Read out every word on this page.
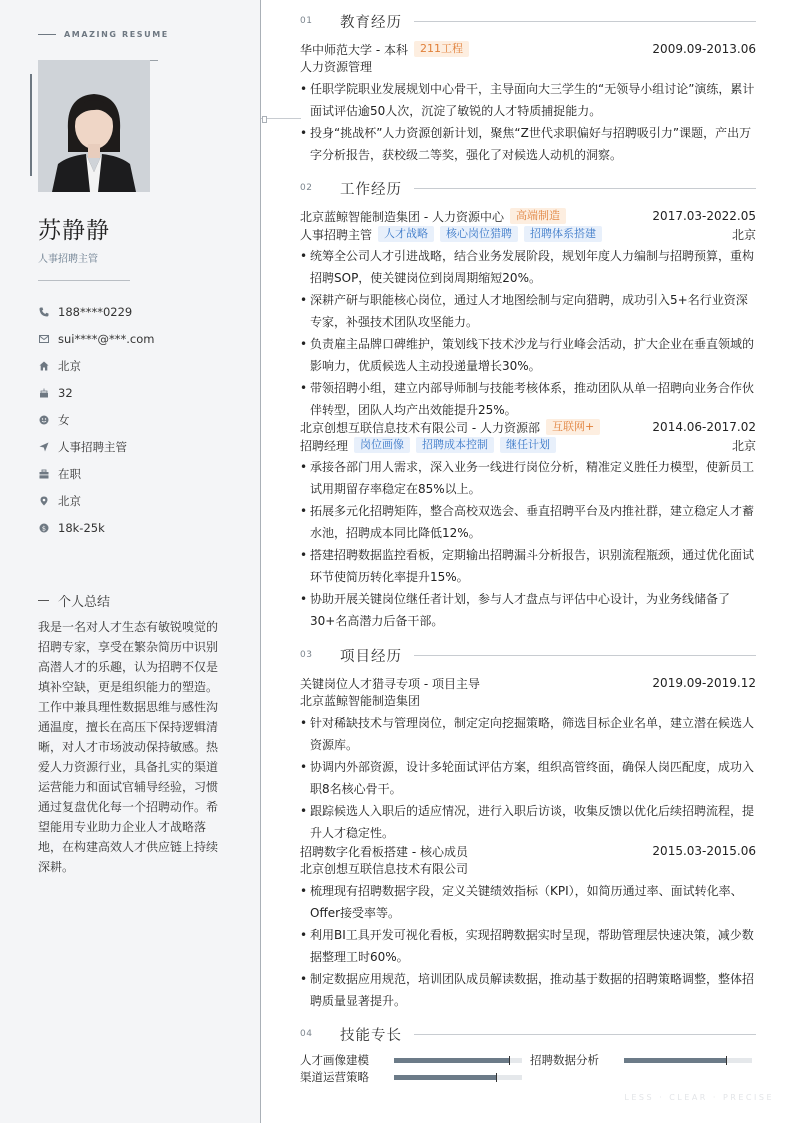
AMAZING RESUME
苏静静
人事招聘主管
188****0229
sui****@***.com
北京
32
女
人事招聘主管
在职
北京
$ 18k-25k
个人总结
我是一名对人才生态有敏锐嗅觉的招聘专家，享受在繁杂简历中识别高潜人才的乐趣，认为招聘不仅是填补空缺，更是组织能力的塑造。工作中兼具理性数据思维与感性沟通温度，擅长在高压下保持逻辑清晰，对人才市场波动保持敏感。热爱人力资源行业，具备扎实的渠道运营能力和面试官辅导经验，习惯通过复盘优化每一个招聘动作。希望能用专业助力企业人才战略落地，在构建高效人才供应链上持续深耕。
01	教育经历
华中师范大学 - 本科	211工程	2009.09-2013.06
人力资源管理
• 任职学院职业发展规划中心骨干，主导面向大三学生的“无领导小组讨论”演练，累计面试评估逾50人次，沉淀了敏锐的人才特质捕捉能力。
• 投身“挑战杯”人力资源创新计划，聚焦“Z世代求职偏好与招聘吸引力”课题，产出万字分析报告，获校级二等奖，强化了对候选人动机的洞察。
02	工作经历
北京蓝鲸智能制造集团 - 人力资源中心	高端制造	2017.03-2022.05
人事招聘主管	人才战略	核心岗位猎聘	招聘体系搭建	北京
• 统筹全公司人才引进战略，结合业务发展阶段，规划年度人力编制与招聘预算，重构招聘SOP，使关键岗位到岗周期缩短20%。
• 深耕产研与职能核心岗位，通过人才地图绘制与定向猎聘，成功引入5+名行业资深专家，补强技术团队攻坚能力。
• 负责雇主品牌口碑维护，策划线下技术沙龙与行业峰会活动，扩大企业在垂直领域的影响力，优质候选人主动投递量增长30%。
• 带领招聘小组，建立内部导师制与技能考核体系，推动团队从单一招聘向业务合作伙伴转型，团队人均产出效能提升25%。
北京创想互联信息技术有限公司 - 人力资源部	互联网+	2014.06-2017.02
招聘经理	岗位画像	招聘成本控制	继任计划	北京
• 承接各部门用人需求，深入业务一线进行岗位分析，精准定义胜任力模型，使新员工试用期留存率稳定在85%以上。
• 拓展多元化招聘矩阵，整合高校双选会、垂直招聘平台及内推社群，建立稳定人才蓄水池，招聘成本同比降低12%。
• 搭建招聘数据监控看板，定期输出招聘漏斗分析报告，识别流程瓶颈，通过优化面试环节使简历转化率提升15%。
• 协助开展关键岗位继任者计划，参与人才盘点与评估中心设计，为业务线储备了30+名高潜力后备干部。
03	项目经历
关键岗位人才猎寻专项 - 项目主导	2019.09-2019.12
北京蓝鲸智能制造集团
• 针对稀缺技术与管理岗位，制定定向挖掘策略，筛选目标企业名单，建立潜在候选人资源库。
• 协调内外部资源，设计多轮面试评估方案，组织高管终面，确保人岗匹配度，成功入职8名核心骨干。
• 跟踪候选人入职后的适应情况，进行入职后访谈，收集反馈以优化后续招聘流程，提升人才稳定性。
招聘数字化看板搭建 - 核心成员	2015.03-2015.06
北京创想互联信息技术有限公司
• 梳理现有招聘数据字段，定义关键绩效指标（KPI），如简历通过率、面试转化率、Offer接受率等。
• 利用BI工具开发可视化看板，实现招聘数据实时呈现，帮助管理层快速决策，减少数据整理工时60%。
• 制定数据应用规范，培训团队成员解读数据，推动基于数据的招聘策略调整，整体招聘质量显著提升。
04	技能专长
人才画像建模	招聘数据分析
渠道运营策略
LESS · CLEAR · PRECISE
